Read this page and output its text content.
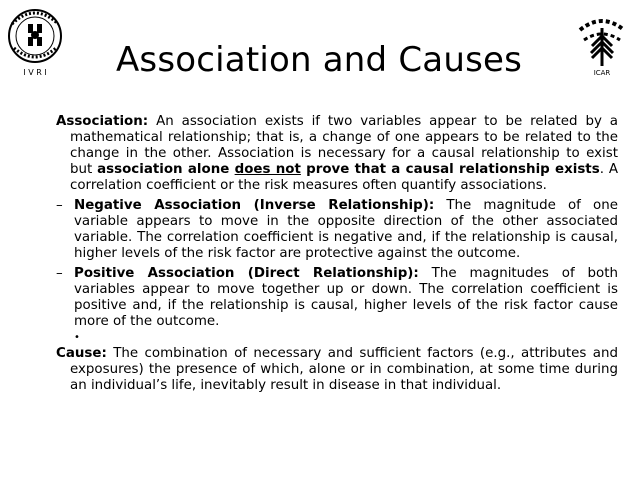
I V R I	ICAR
Association and Causes

Association: An association exists if two variables appear to be related by a mathematical relationship; that is, a change of one appears to be related to the change in the other. Association is necessary for a causal relationship to exist but association alone does not prove that a causal relationship exists. A correlation coefficient or the risk measures often quantify associations.

– Negative Association (Inverse Relationship): The magnitude of one variable appears to move in the opposite direction of the other associated variable. The correlation coefficient is negative and, if the relationship is causal, higher levels of the risk factor are protective against the outcome.
– Positive Association (Direct Relationship): The magnitudes of both variables appear to move together up or down. The correlation coefficient is positive and, if the relationship is causal, higher levels of the risk factor cause more of the outcome.

•

Cause: The combination of necessary and sufficient factors (e.g., attributes and exposures) the presence of which, alone or in combination, at some time during an individual’s life, inevitably result in disease in that individual.
